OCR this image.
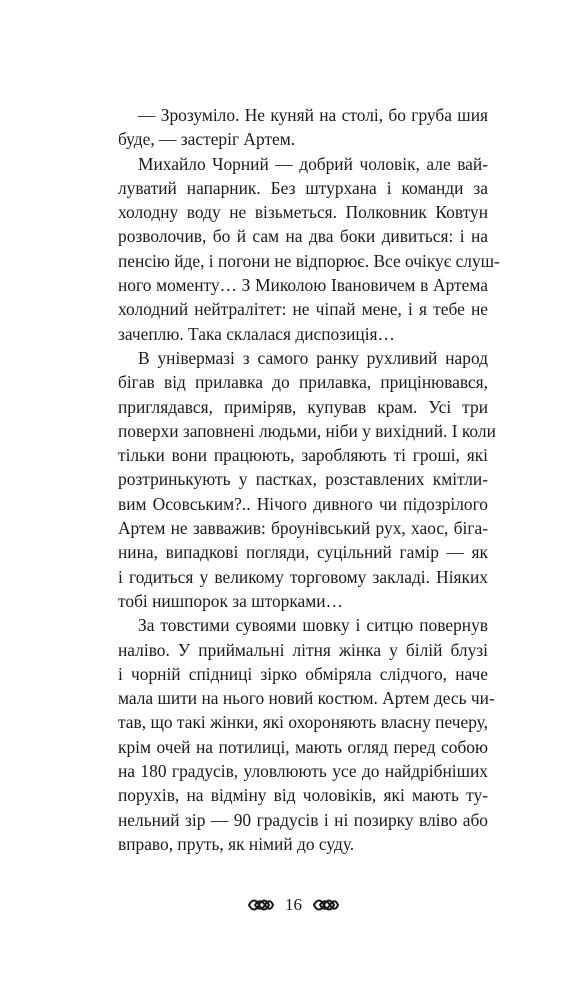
— Зрозуміло. Не куняй на столі, бо груба шия
буде, — застеріг Артем.
Михайло Чорний — добрий чоловік, але вай-
луватий напарник. Без штурхана і команди за
холодну воду не візьметься. Полковник Ковтун
розволочив, бо й сам на два боки дивиться: і на
пенсію йде, і погони не відпорює. Все очікує слуш-
ного моменту… З Миколою Івановичем в Артема
холодний нейтралітет: не чіпай мене, і я тебе не
зачеплю. Така склалася диспозиція…
В універмазі з самого ранку рухливий народ
бігав від прилавка до прилавка, прицінювався,
приглядався, приміряв, купував крам. Усі три
поверхи заповнені людьми, ніби у вихідний. І коли
тільки вони працюють, заробляють ті гроші, які
розтринькують у пастках, розставлених кмітли-
вим Осовським?.. Нічого дивного чи підозрілого
Артем не завважив: броунівський рух, хаос, біга-
нина, випадкові погляди, суцільний гамір — як
і годиться у великому торговому закладі. Ніяких
тобі нишпорок за шторками…
За товстими сувоями шовку і ситцю повернув
наліво. У приймальні літня жінка у білій блузі
і чорній спідниці зірко обміряла слідчого, наче
мала шити на нього новий костюм. Артем десь чи-
тав, що такі жінки, які охороняють власну печеру,
крім очей на потилиці, мають огляд перед собою
на 180 градусів, уловлюють усе до найдрібніших
порухів, на відміну від чоловіків, які мають ту-
нельний зір — 90 градусів і ні позирку вліво або
вправо, пруть, як німий до суду.
16
